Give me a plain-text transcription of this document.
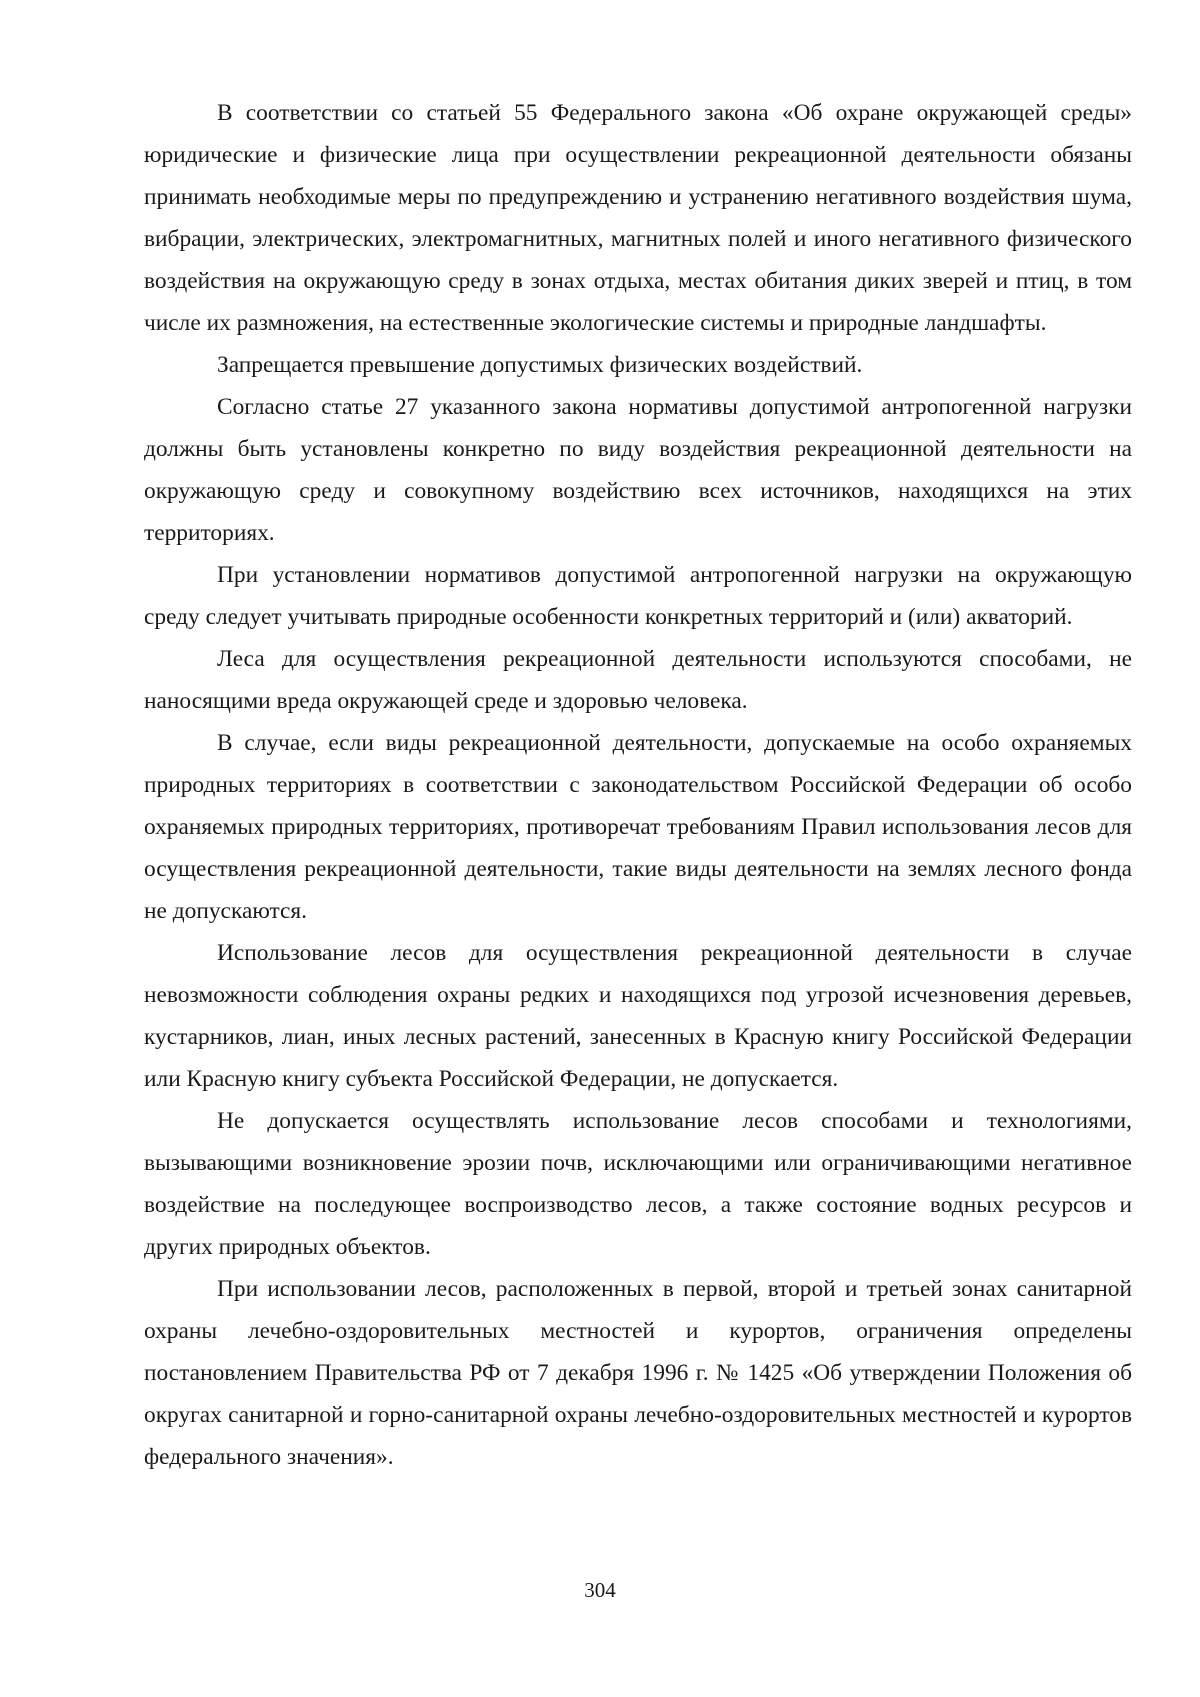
В соответствии со статьей 55 Федерального закона «Об охране окружающей среды» юридические и физические лица при осуществлении рекреационной деятельности обязаны принимать необходимые меры по предупреждению и устранению негативного воздействия шума, вибрации, электрических, электромагнитных, магнитных полей и иного негативного физического воздействия на окружающую среду в зонах отдыха, местах обитания диких зверей и птиц, в том числе их размножения, на естественные экологические системы и природные ландшафты.

Запрещается превышение допустимых физических воздействий.

Согласно статье 27 указанного закона нормативы допустимой антропогенной нагрузки должны быть установлены конкретно по виду воздействия рекреационной деятельности на окружающую среду и совокупному воздействию всех источников, находящихся на этих территориях.

При установлении нормативов допустимой антропогенной нагрузки на окружающую среду следует учитывать природные особенности конкретных территорий и (или) акваторий.

Леса для осуществления рекреационной деятельности используются способами, не наносящими вреда окружающей среде и здоровью человека.

В случае, если виды рекреационной деятельности, допускаемые на особо охраняемых природных территориях в соответствии с законодательством Российской Федерации об особо охраняемых природных территориях, противоречат требованиям Правил использования лесов для осуществления рекреационной деятельности, такие виды деятельности на землях лесного фонда не допускаются.

Использование лесов для осуществления рекреационной деятельности в случае невозможности соблюдения охраны редких и находящихся под угрозой исчезновения деревьев, кустарников, лиан, иных лесных растений, занесенных в Красную книгу Российской Федерации или Красную книгу субъекта Российской Федерации, не допускается.

Не допускается осуществлять использование лесов способами и технологиями, вызывающими возникновение эрозии почв, исключающими или ограничивающими негативное воздействие на последующее воспроизводство лесов, а также состояние водных ресурсов и других природных объектов.

При использовании лесов, расположенных в первой, второй и третьей зонах санитарной охраны лечебно-оздоровительных местностей и курортов, ограничения определены постановлением Правительства РФ от 7 декабря 1996 г. № 1425 «Об утверждении Положения об округах санитарной и горно-санитарной охраны лечебно-оздоровительных местностей и курортов федерального значения».

304
